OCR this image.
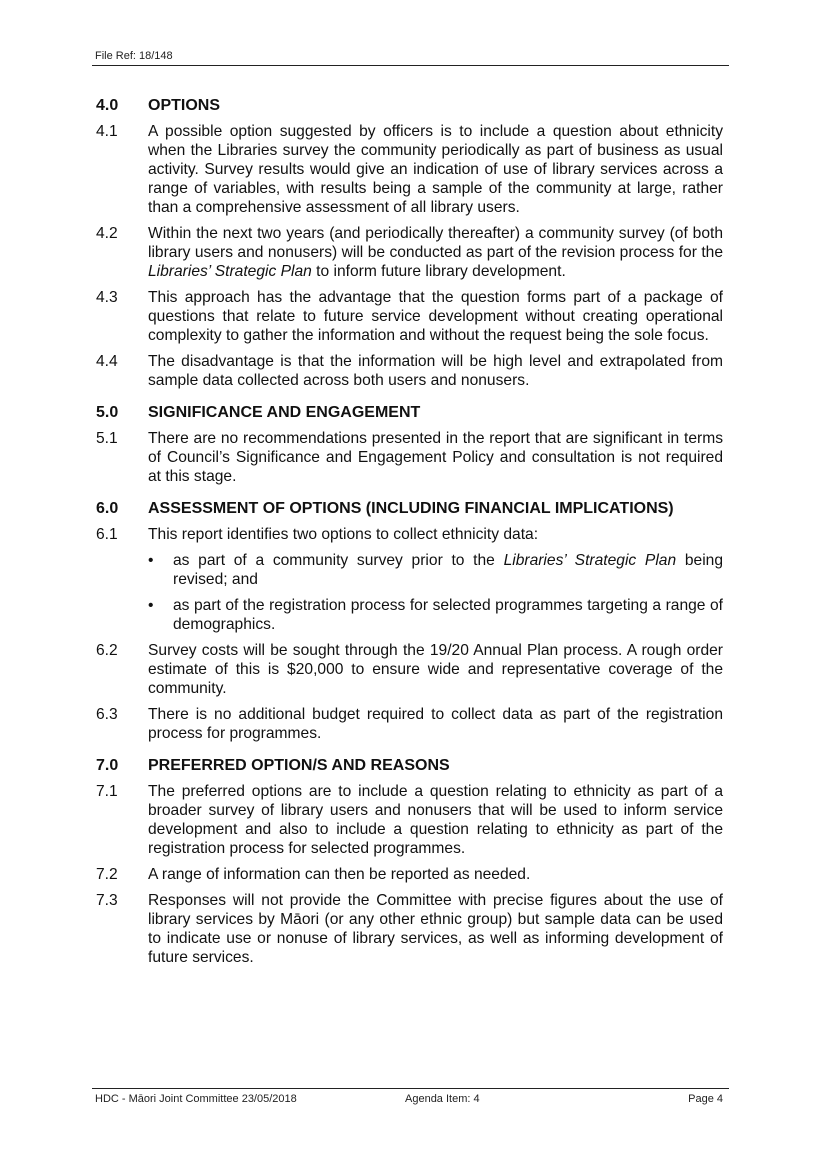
File Ref: 18/148
4.0	OPTIONS
4.1	A possible option suggested by officers is to include a question about ethnicity when the Libraries survey the community periodically as part of business as usual activity. Survey results would give an indication of use of library services across a range of variables, with results being a sample of the community at large, rather than a comprehensive assessment of all library users.
4.2	Within the next two years (and periodically thereafter) a community survey (of both library users and nonusers) will be conducted as part of the revision process for the Libraries’ Strategic Plan to inform future library development.
4.3	This approach has the advantage that the question forms part of a package of questions that relate to future service development without creating operational complexity to gather the information and without the request being the sole focus.
4.4	The disadvantage is that the information will be high level and extrapolated from sample data collected across both users and nonusers.
5.0	SIGNIFICANCE AND ENGAGEMENT
5.1	There are no recommendations presented in the report that are significant in terms of Council’s Significance and Engagement Policy and consultation is not required at this stage.
6.0	ASSESSMENT OF OPTIONS (INCLUDING FINANCIAL IMPLICATIONS)
6.1	This report identifies two options to collect ethnicity data:
•	as part of a community survey prior to the Libraries’ Strategic Plan being revised; and
•	as part of the registration process for selected programmes targeting a range of demographics.
6.2	Survey costs will be sought through the 19/20 Annual Plan process. A rough order estimate of this is $20,000 to ensure wide and representative coverage of the community.
6.3	There is no additional budget required to collect data as part of the registration process for programmes.
7.0	PREFERRED OPTION/S AND REASONS
7.1	The preferred options are to include a question relating to ethnicity as part of a broader survey of library users and nonusers that will be used to inform service development and also to include a question relating to ethnicity as part of the registration process for selected programmes.
7.2	A range of information can then be reported as needed.
7.3	Responses will not provide the Committee with precise figures about the use of library services by Māori (or any other ethnic group) but sample data can be used to indicate use or nonuse of library services, as well as informing development of future services.
HDC - Māori Joint Committee 23/05/2018	Agenda Item: 4	Page 4
